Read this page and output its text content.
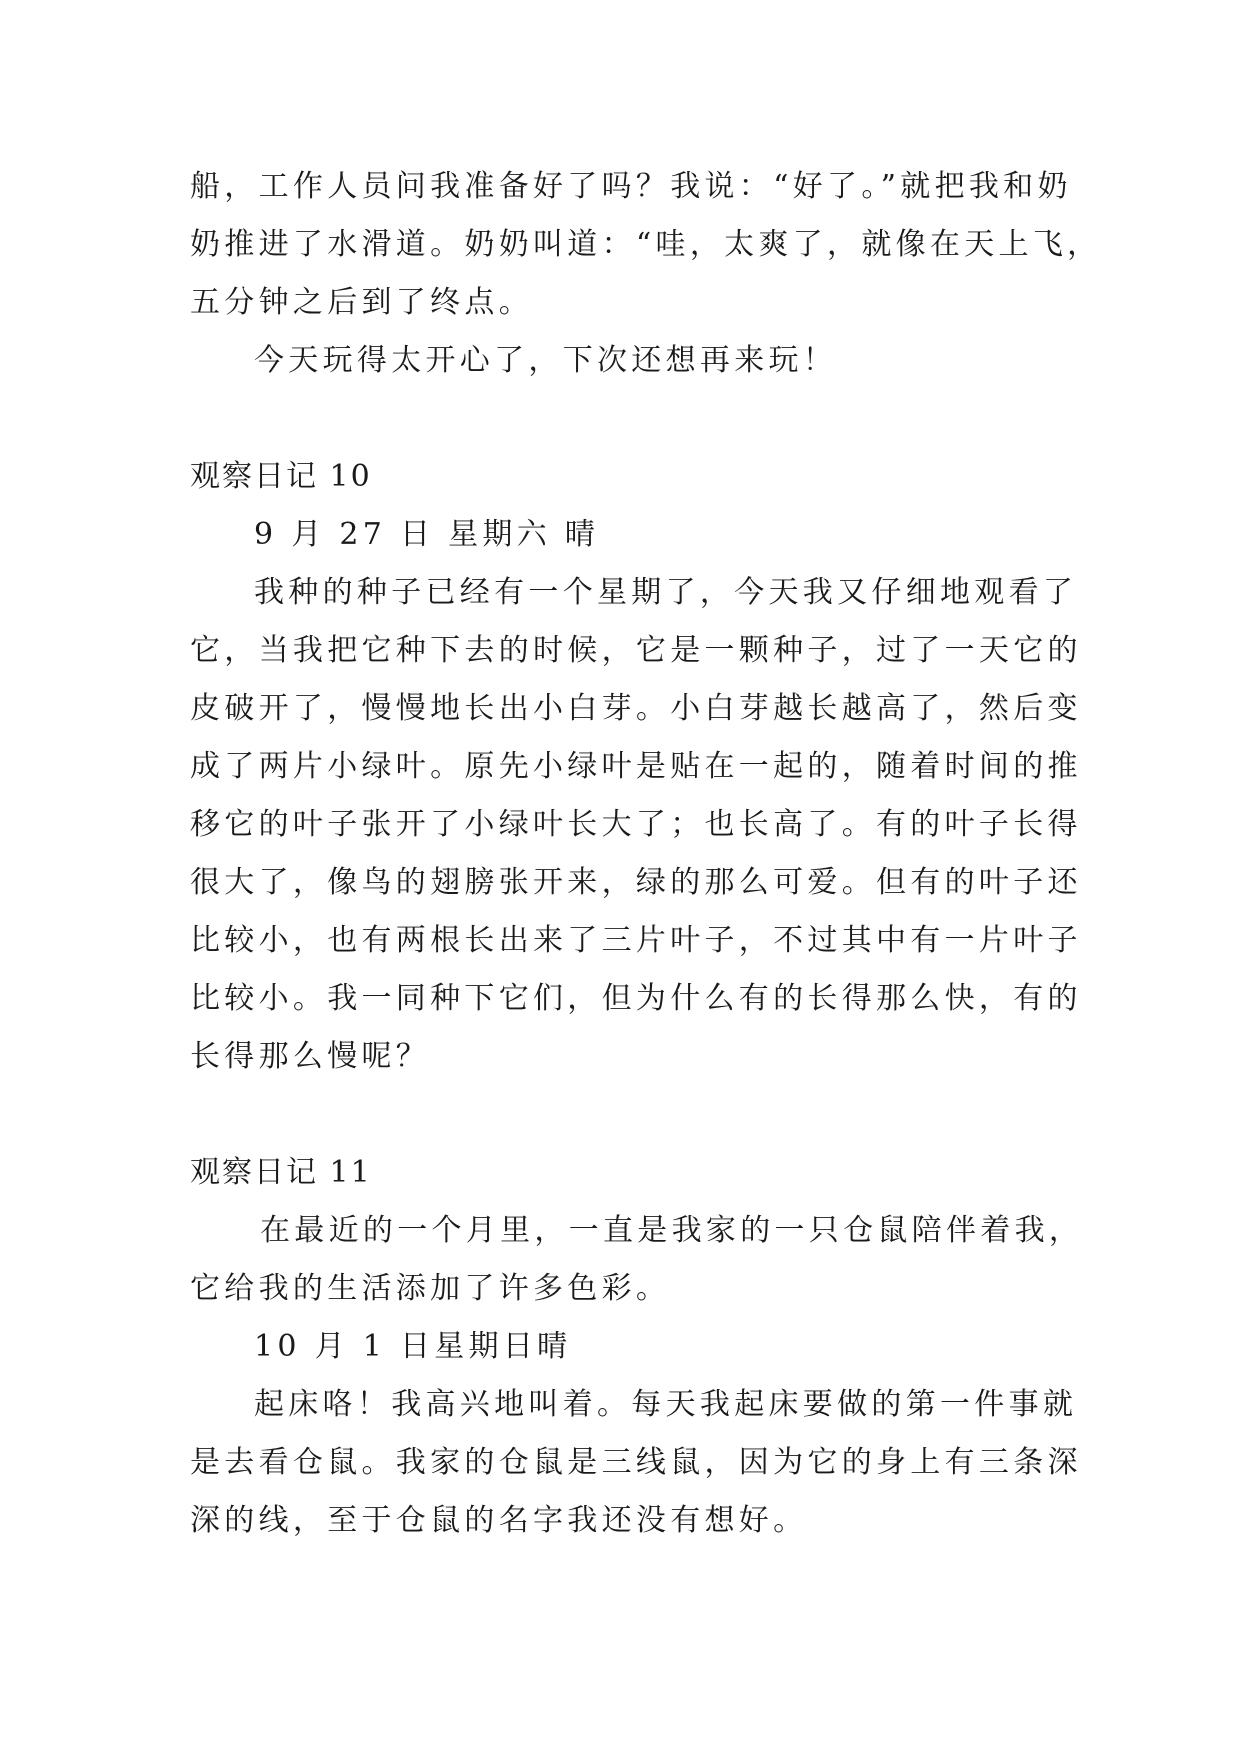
船，工作人员问我准备好了吗？我说：“好了。”就把我和奶
奶推进了水滑道。奶奶叫道：“哇，太爽了，就像在天上飞，
五分钟之后到了终点。
今天玩得太开心了，下次还想再来玩！
观察日记 10
9 月 27 日 星期六 晴
我种的种子已经有一个星期了，今天我又仔细地观看了
它，当我把它种下去的时候，它是一颗种子，过了一天它的
皮破开了，慢慢地长出小白芽。小白芽越长越高了，然后变
成了两片小绿叶。原先小绿叶是贴在一起的，随着时间的推
移它的叶子张开了小绿叶长大了；也长高了。有的叶子长得
很大了，像鸟的翅膀张开来，绿的那么可爱。但有的叶子还
比较小，也有两根长出来了三片叶子，不过其中有一片叶子
比较小。我一同种下它们，但为什么有的长得那么快，有的
长得那么慢呢？
观察日记 11
在最近的一个月里，一直是我家的一只仓鼠陪伴着我，
它给我的生活添加了许多色彩。
10 月 1 日星期日晴
起床咯！我高兴地叫着。每天我起床要做的第一件事就
是去看仓鼠。我家的仓鼠是三线鼠，因为它的身上有三条深
深的线，至于仓鼠的名字我还没有想好。
